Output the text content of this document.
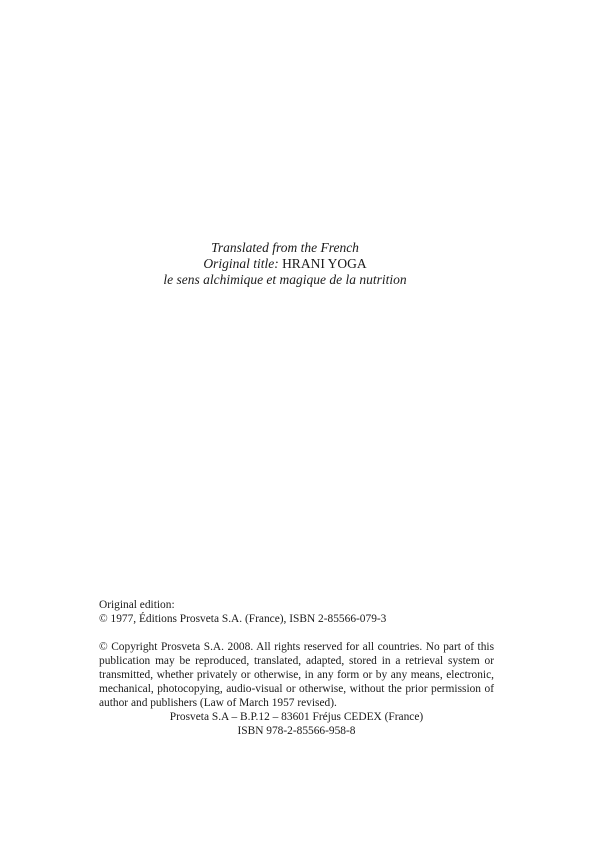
Translated from the French
Original title: HRANI YOGA
le sens alchimique et magique de la nutrition
Original edition:
© 1977, Éditions Prosveta S.A. (France), ISBN 2-85566-079-3
© Copyright Prosveta S.A. 2008. All rights reserved for all countries. No part of this publication may be reproduced, translated, adapted, stored in a retrieval system or transmitted, whether privately or otherwise, in any form or by any means, electronic, mechanical, photocopying, audio-visual or otherwise, without the prior permission of author and publishers (Law of March 1957 revised).
Prosveta S.A – B.P.12 – 83601 Fréjus CEDEX (France)
ISBN 978-2-85566-958-8
